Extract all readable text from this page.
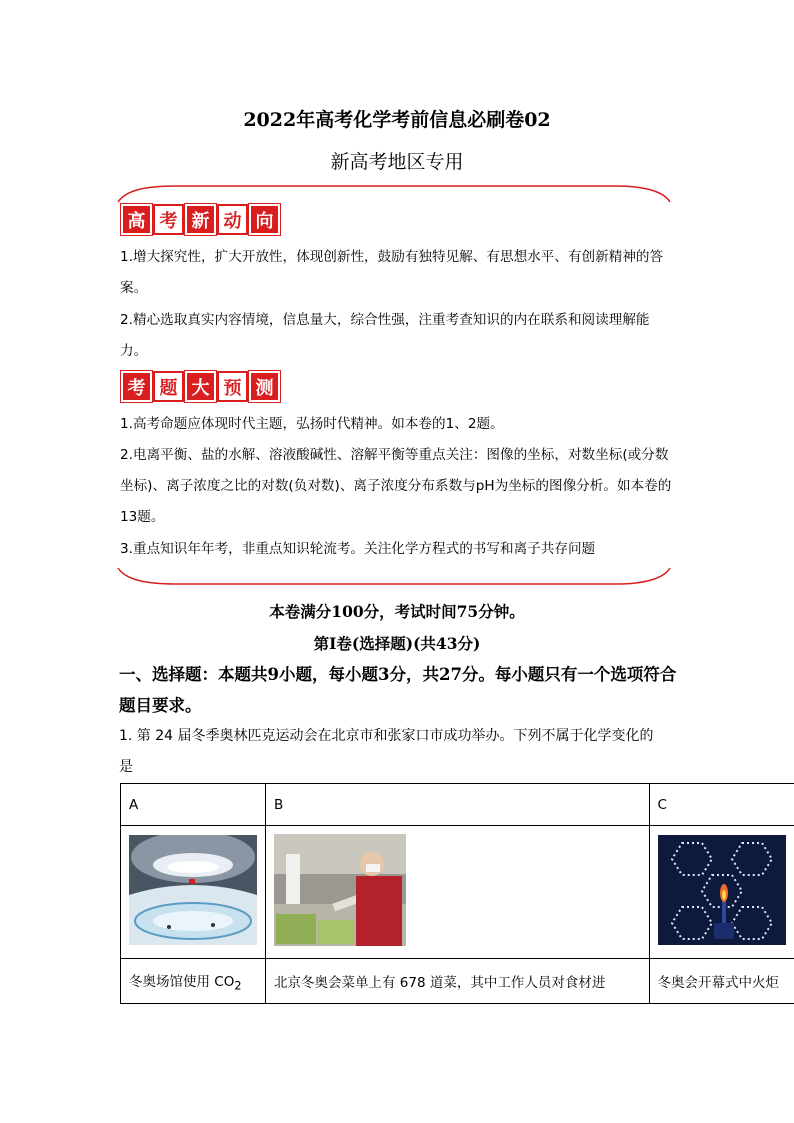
2022年高考化学考前信息必刷卷02
新高考地区专用
高 考 新 动 向
1.增大探究性，扩大开放性，体现创新性，鼓励有独特见解、有思想水平、有创新精神的答案。
2.精心选取真实内容情境，信息量大，综合性强，注重考查知识的内在联系和阅读理解能力。
考 题 大 预 测
1.高考命题应体现时代主题，弘扬时代精神。如本卷的1、2题。
2.电离平衡、盐的水解、溶液酸碱性、溶解平衡等重点关注：图像的坐标，对数坐标(或分数坐标)、离子浓度之比的对数(负对数)、离子浓度分布系数与pH为坐标的图像分析。如本卷的13题。
3.重点知识年年考，非重点知识轮流考。关注化学方程式的书写和离子共存问题
本卷满分100分，考试时间75分钟。
第I卷(选择题)(共43分)
一、选择题：本题共9小题，每小题3分，共27分。每小题只有一个选项符合题目要求。
1. 第 24 届冬季奥林匹克运动会在北京市和张家口市成功举办。下列不属于化学变化的是
A	B	C

冬奥场馆使用 $CO_2$	北京冬奥会菜单上有 678 道菜，其中工作人员对食材进	冬奥会开幕式中火炬
